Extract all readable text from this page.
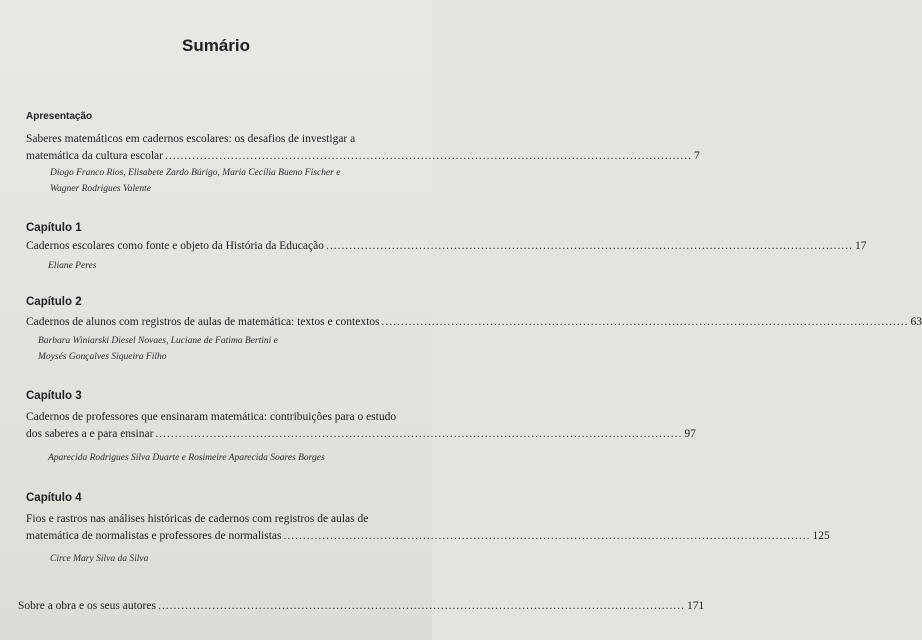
Sumário
Apresentação
Saberes matemáticos em cadernos escolares: os desafios de investigar a
matemática da cultura escolar ........................................................................................................................................ 7
Diogo Franco Rios, Elisabete Zardo Búrigo, Maria Cecília Bueno Fischer e
Wagner Rodrigues Valente
Capítulo 1
Cadernos escolares como fonte e objeto da História da Educação ........................................................................................................................................ 17
Eliane Peres
Capítulo 2
Cadernos de alunos com registros de aulas de matemática: textos e contextos ........................................................................................................................................ 63
Barbara Winiarski Diesel Novaes, Luciane de Fatima Bertini e
Moysés Gonçalves Siqueira Filho
Capítulo 3
Cadernos de professores que ensinaram matemática: contribuições para o estudo
dos saberes a e para ensinar ........................................................................................................................................ 97
Aparecida Rodrigues Silva Duarte e Rosimeire Aparecida Soares Borges
Capítulo 4
Fios e rastros nas análises históricas de cadernos com registros de aulas de
matemática de normalistas e professores de normalistas ........................................................................................................................................ 125
Circe Mary Silva da Silva
Sobre a obra e os seus autores ........................................................................................................................................ 171
